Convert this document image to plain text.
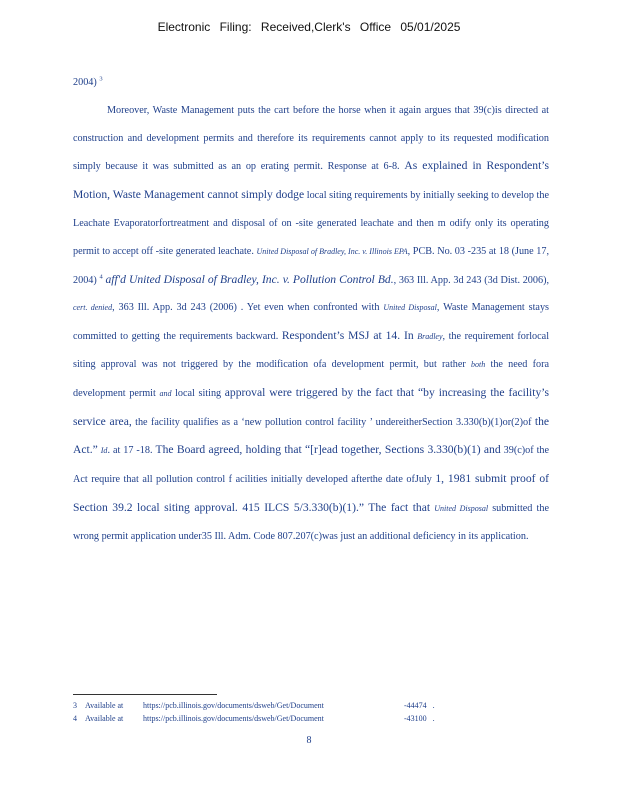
Electronic Filing: Received,Clerk's Office 05/01/2025

2004) $^3$

Moreover, Waste Management puts the cart before the horse when it again argues that 39(c)is directed at construction and development permits and therefore its requirements cannot apply to its requested modification simply because it was submitted as an op erating permit. Response at 6-8. As explained in Respondent’s Motion, Waste Management cannot simply dodge local siting requirements by initially seeking to develop the Leachate Evaporatorfortreatment and disposal of on -site generated leachate and then m odify only its operating permit to accept off -site generated leachate. United Disposal of Bradley, Inc. v. Illinois EPA, PCB. No. 03 -235 at 18 (June 17, 2004) $^4$ aff'd United Disposal of Bradley, Inc. v. Pollution Control Bd., 363 Ill. App. 3d 243 (3d Dist. 2006), cert. denied, 363 Ill. App. 3d 243 (2006) . Yet even when confronted with United Disposal, Waste Management stays committed to getting the requirements backward. Respondent’s MSJ at 14. In Bradley, the requirement forlocal siting approval was not triggered by the modification ofa development permit, but rather both the need fora development permit and local siting approval were triggered by the fact that “by increasing the facility’s service area, the facility qualifies as a ‘new pollution control facility ’ undereitherSection 3.330(b)(1)or(2)of the Act.” Id. at 17 -18. The Board agreed, holding that “[r]ead together, Sections 3.330(b)(1) and 39(c)of the Act require that all pollution control f acilities initially developed afterthe date ofJuly 1, 1981 submit proof of Section 39.2 local siting approval. 415 ILCS 5/3.330(b)(1).” The fact that United Disposal submitted the wrong permit application under35 Ill. Adm. Code 807.207(c)was just an additional deficiency in its application.

3 Available at	https://pcb.illinois.gov/documents/dsweb/Get/Document	-44474 .
4 Available at	https://pcb.illinois.gov/documents/dsweb/Get/Document	-43100 .
8
